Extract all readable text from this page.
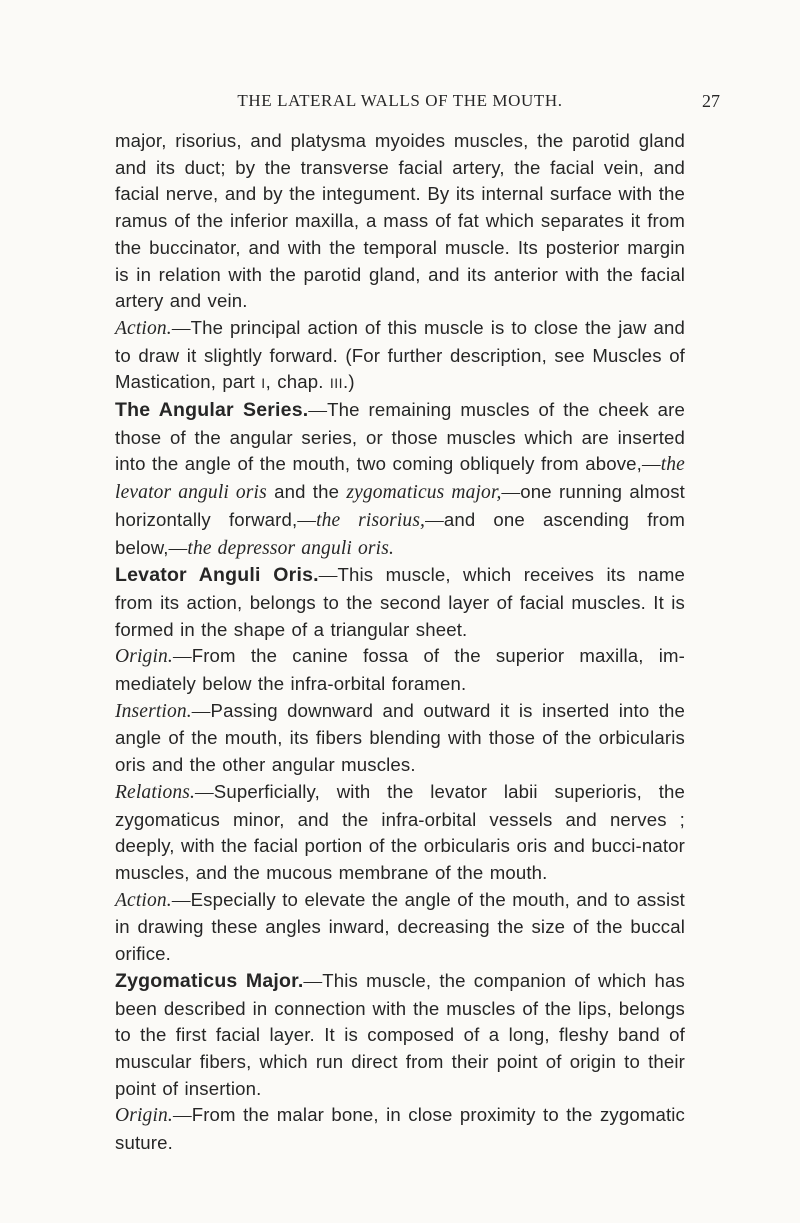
THE LATERAL WALLS OF THE MOUTH.	27

major, risorius, and platysma myoides muscles, the parotid gland and its duct; by the transverse facial artery, the facial vein, and facial nerve, and by the integument. By its internal surface with the ramus of the inferior maxilla, a mass of fat which separates it from the buccinator, and with the temporal muscle. Its posterior margin is in relation with the parotid gland, and its anterior with the facial artery and vein.

Action.—The principal action of this muscle is to close the jaw and to draw it slightly forward. (For further description, see Muscles of Mastication, part I, chap. III.)

The Angular Series.—The remaining muscles of the cheek are those of the angular series, or those muscles which are inserted into the angle of the mouth, two coming obliquely from above,—the levator anguli oris and the zygomaticus major,—one running almost horizontally forward,—the risorius,—and one ascending from below,—the depressor anguli oris.

Levator Anguli Oris.—This muscle, which receives its name from its action, belongs to the second layer of facial muscles. It is formed in the shape of a triangular sheet.

Origin.—From the canine fossa of the superior maxilla, im-mediately below the infra-orbital foramen.

Insertion.—Passing downward and outward it is inserted into the angle of the mouth, its fibers blending with those of the orbicularis oris and the other angular muscles.

Relations.—Superficially, with the levator labii superioris, the zygomaticus minor, and the infra-orbital vessels and nerves ; deeply, with the facial portion of the orbicularis oris and bucci-nator muscles, and the mucous membrane of the mouth.

Action.—Especially to elevate the angle of the mouth, and to assist in drawing these angles inward, decreasing the size of the buccal orifice.

Zygomaticus Major.—This muscle, the companion of which has been described in connection with the muscles of the lips, belongs to the first facial layer. It is composed of a long, fleshy band of muscular fibers, which run direct from their point of origin to their point of insertion.

Origin.—From the malar bone, in close proximity to the zygomatic suture.
